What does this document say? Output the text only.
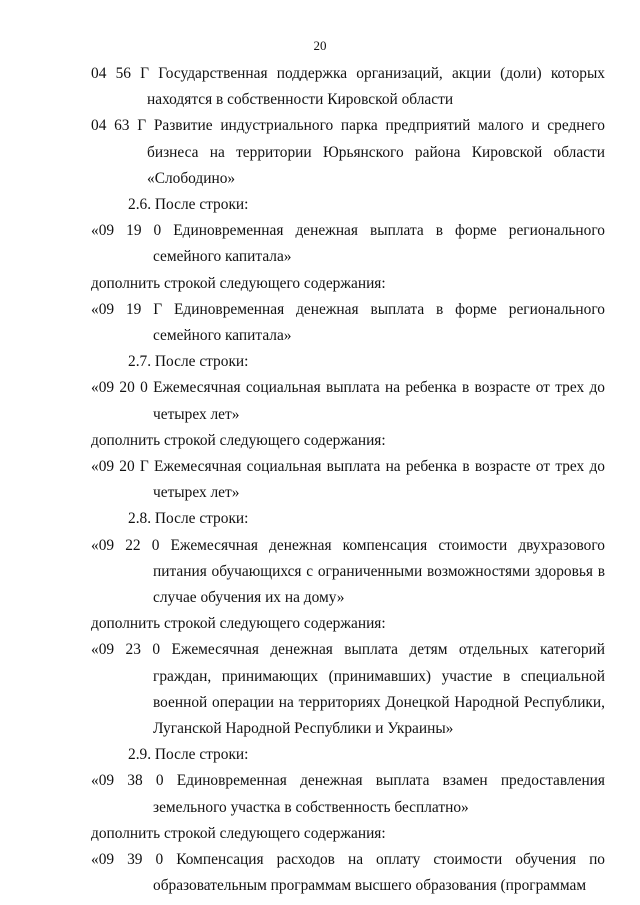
20
04 56 Г Государственная поддержка организаций, акции (доли) которых находятся в собственности Кировской области
04 63 Г Развитие индустриального парка предприятий малого и среднего бизнеса на территории Юрьянского района Кировской области «Слободино»
2.6. После строки:
«09 19 0 Единовременная денежная выплата в форме регионального семейного капитала»
дополнить строкой следующего содержания:
«09 19 Г Единовременная денежная выплата в форме регионального семейного капитала»
2.7. После строки:
«09 20 0 Ежемесячная социальная выплата на ребенка в возрасте от трех до четырех лет»
дополнить строкой следующего содержания:
«09 20 Г Ежемесячная социальная выплата на ребенка в возрасте от трех до четырех лет»
2.8. После строки:
«09 22 0 Ежемесячная денежная компенсация стоимости двухразового питания обучающихся с ограниченными возможностями здоровья в случае обучения их на дому»
дополнить строкой следующего содержания:
«09 23 0 Ежемесячная денежная выплата детям отдельных категорий граждан, принимающих (принимавших) участие в специальной военной операции на территориях Донецкой Народной Республики, Луганской Народной Республики и Украины»
2.9. После строки:
«09 38 0 Единовременная денежная выплата взамен предоставления земельного участка в собственность бесплатно»
дополнить строкой следующего содержания:
«09 39 0 Компенсация расходов на оплату стоимости обучения по образовательным программам высшего образования (программам
